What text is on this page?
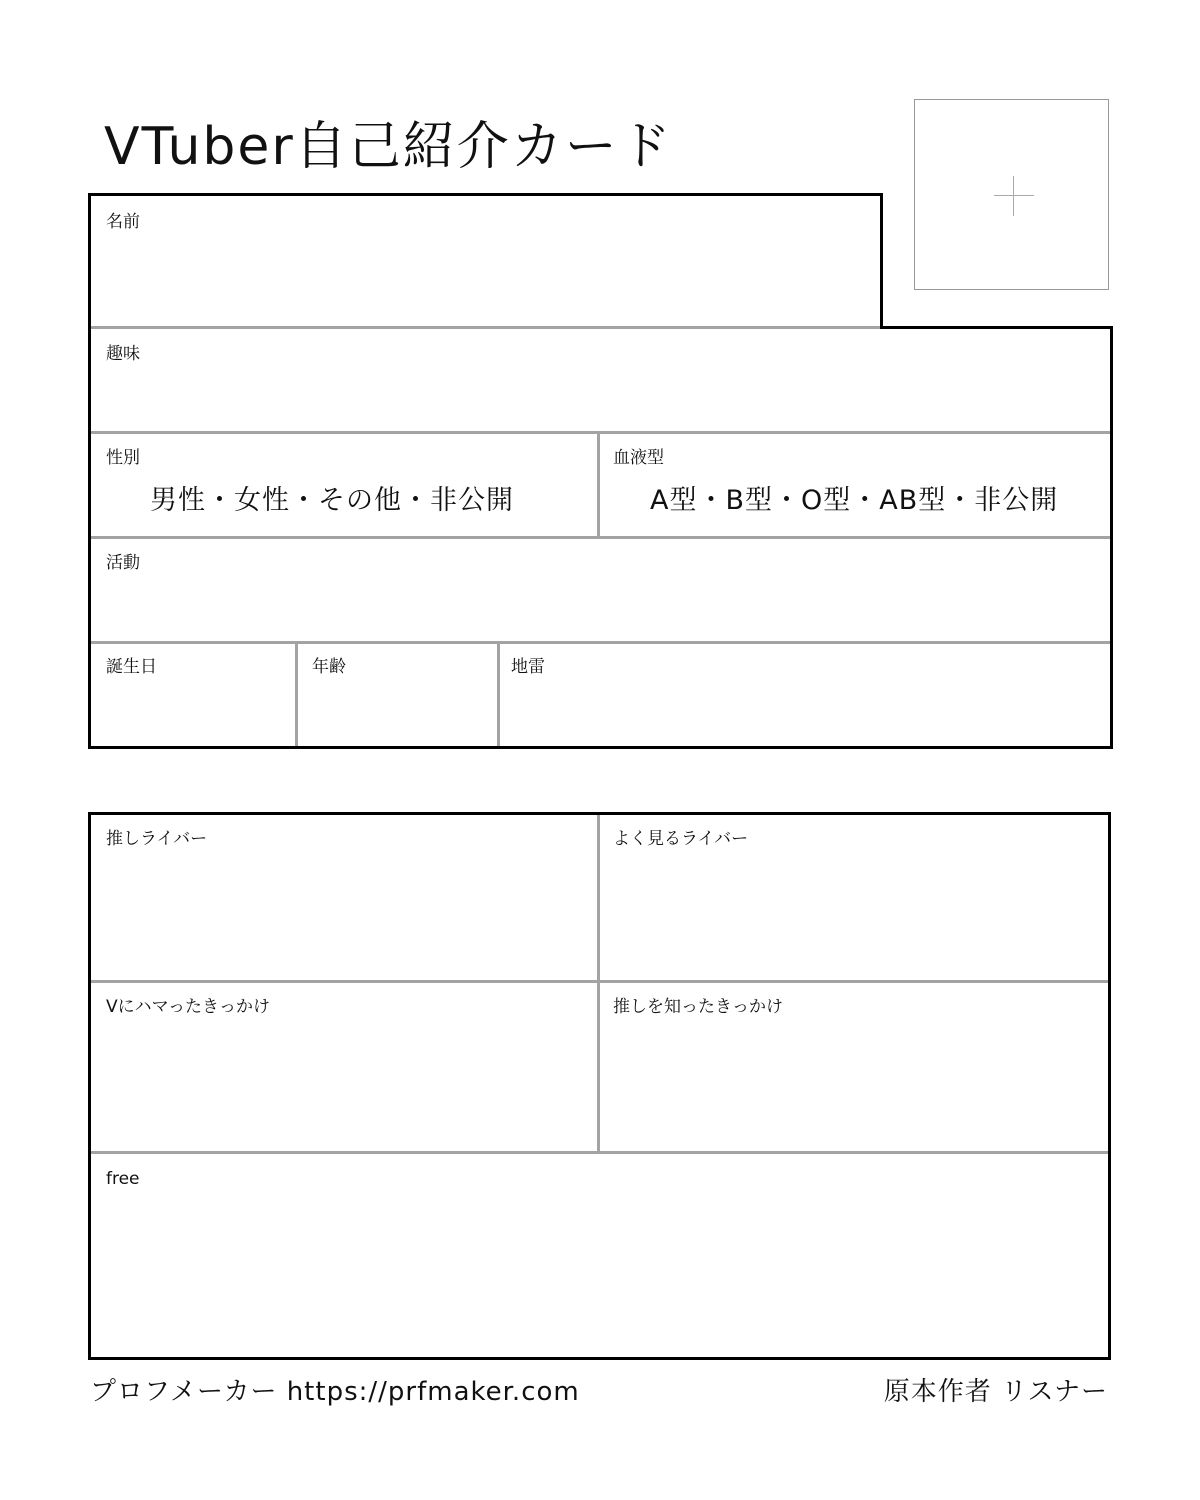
VTuber自己紹介カード
名前
趣味
性別
男性・女性・その他・非公開
血液型
A型・B型・O型・AB型・非公開
活動
誕生日	年齢	地雷
推しライバー	よく見るライバー
Vにハマったきっかけ	推しを知ったきっかけ
free
プロフメーカー https://prfmaker.com	原本作者 リスナー
